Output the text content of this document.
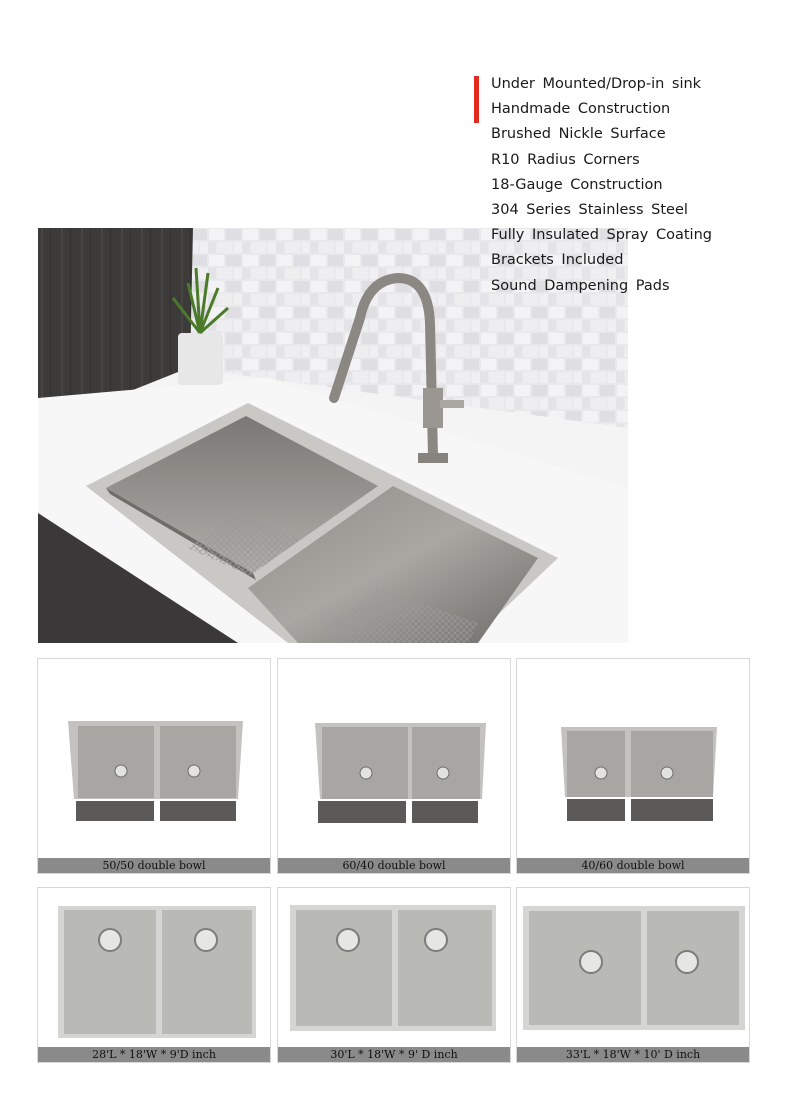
Under Mounted/Drop-in sink
Handmade Construction
Brushed Nickle Surface
R10 Radius Corners
18-Gauge Construction
304 Series Stainless Steel
Fully Insulated Spray Coating
Brackets Included
Sound Dampening Pads
50/50 double bowl	60/40 double bowl	40/60 double bowl
28'L * 18'W * 9'D inch	30'L * 18'W * 9' D inch	33'L * 18'W * 10' D inch
